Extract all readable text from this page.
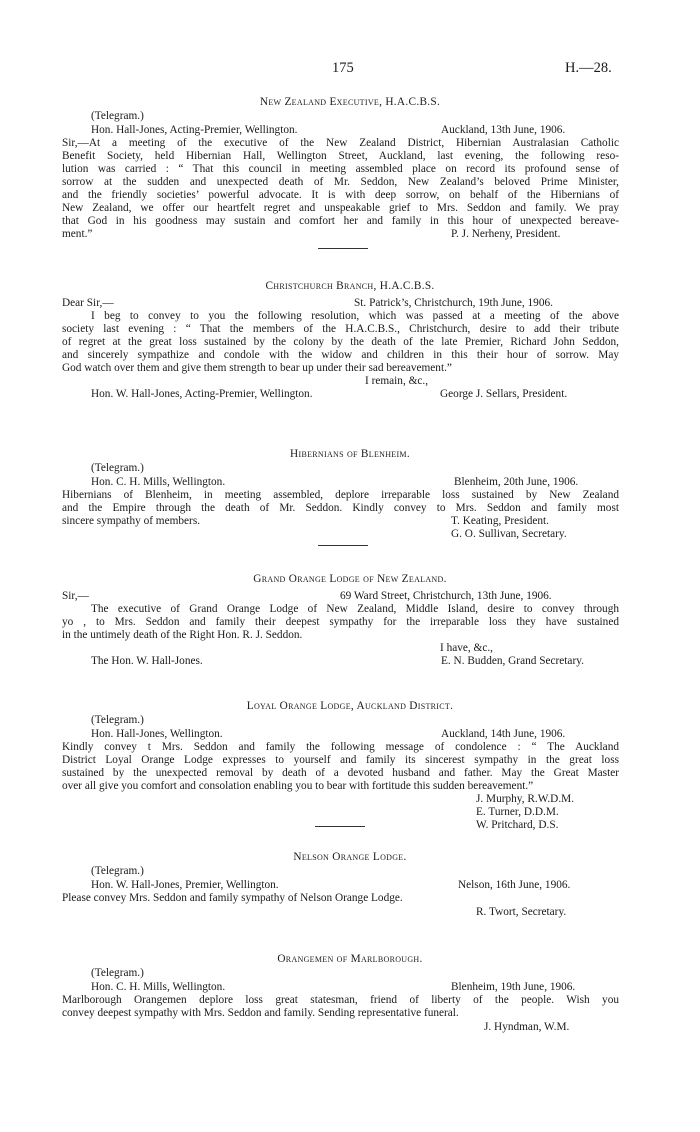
175	H.—28.
New Zealand Executive, H.A.C.B.S.
(Telegram.)
Hon. Hall-Jones, Acting-Premier, Wellington.	Auckland, 13th June, 1906.
Sir,—At a meeting of the executive of the New Zealand District, Hibernian Australasian Catholic
Benefit Society, held Hibernian Hall, Wellington Street, Auckland, last evening, the following reso-
lution was carried : “ That this council in meeting assembled place on record its profound sense of
sorrow at the sudden and unexpected death of Mr. Seddon, New Zealand’s beloved Prime Minister,
and the friendly societies’ powerful advocate. It is with deep sorrow, on behalf of the Hibernians of
New Zealand, we offer our heartfelt regret and unspeakable grief to Mrs. Seddon and family. We pray
that God in his goodness may sustain and comfort her and family in this hour of unexpected bereave-
ment.”	P. J. Nerheny, President.
Christchurch Branch, H.A.C.B.S.
Dear Sir,—	St. Patrick’s, Christchurch, 19th June, 1906.
I beg to convey to you the following resolution, which was passed at a meeting of the above
society last evening : “ That the members of the H.A.C.B.S., Christchurch, desire to add their tribute
of regret at the great loss sustained by the colony by the death of the late Premier, Richard John Seddon,
and sincerely sympathize and condole with the widow and children in this their hour of sorrow. May
God watch over them and give them strength to bear up under their sad bereavement.”
I remain, &c.,
Hon. W. Hall-Jones, Acting-Premier, Wellington.	George J. Sellars, President.
Hibernians of Blenheim.
(Telegram.)
Hon. C. H. Mills, Wellington.	Blenheim, 20th June, 1906.
Hibernians of Blenheim, in meeting assembled, deplore irreparable loss sustained by New Zealand
and the Empire through the death of Mr. Seddon. Kindly convey to Mrs. Seddon and family most
sincere sympathy of members.	T. Keating, President.
G. O. Sullivan, Secretary.
Grand Orange Lodge of New Zealand.
Sir,—	69 Ward Street, Christchurch, 13th June, 1906.
The executive of Grand Orange Lodge of New Zealand, Middle Island, desire to convey through
yo , to Mrs. Seddon and family their deepest sympathy for the irreparable loss they have sustained
in the untimely death of the Right Hon. R. J. Seddon.
I have, &c.,
The Hon. W. Hall-Jones.	E. N. Budden, Grand Secretary.
Loyal Orange Lodge, Auckland District.
(Telegram.)
Hon. Hall-Jones, Wellington.	Auckland, 14th June, 1906.
Kindly convey t Mrs. Seddon and family the following message of condolence : “ The Auckland
District Loyal Orange Lodge expresses to yourself and family its sincerest sympathy in the great loss
sustained by the unexpected removal by death of a devoted husband and father. May the Great Master
over all give you comfort and consolation enabling you to bear with fortitude this sudden bereavement.”
J. Murphy, R.W.D.M.
E. Turner, D.D.M.
W. Pritchard, D.S.
Nelson Orange Lodge.
(Telegram.)
Hon. W. Hall-Jones, Premier, Wellington.	Nelson, 16th June, 1906.
Please convey Mrs. Seddon and family sympathy of Nelson Orange Lodge.
R. Twort, Secretary.
Orangemen of Marlborough.
(Telegram.)
Hon. C. H. Mills, Wellington.	Blenheim, 19th June, 1906.
Marlborough Orangemen deplore loss great statesman, friend of liberty of the people. Wish you
convey deepest sympathy with Mrs. Seddon and family. Sending representative funeral.
J. Hyndman, W.M.
